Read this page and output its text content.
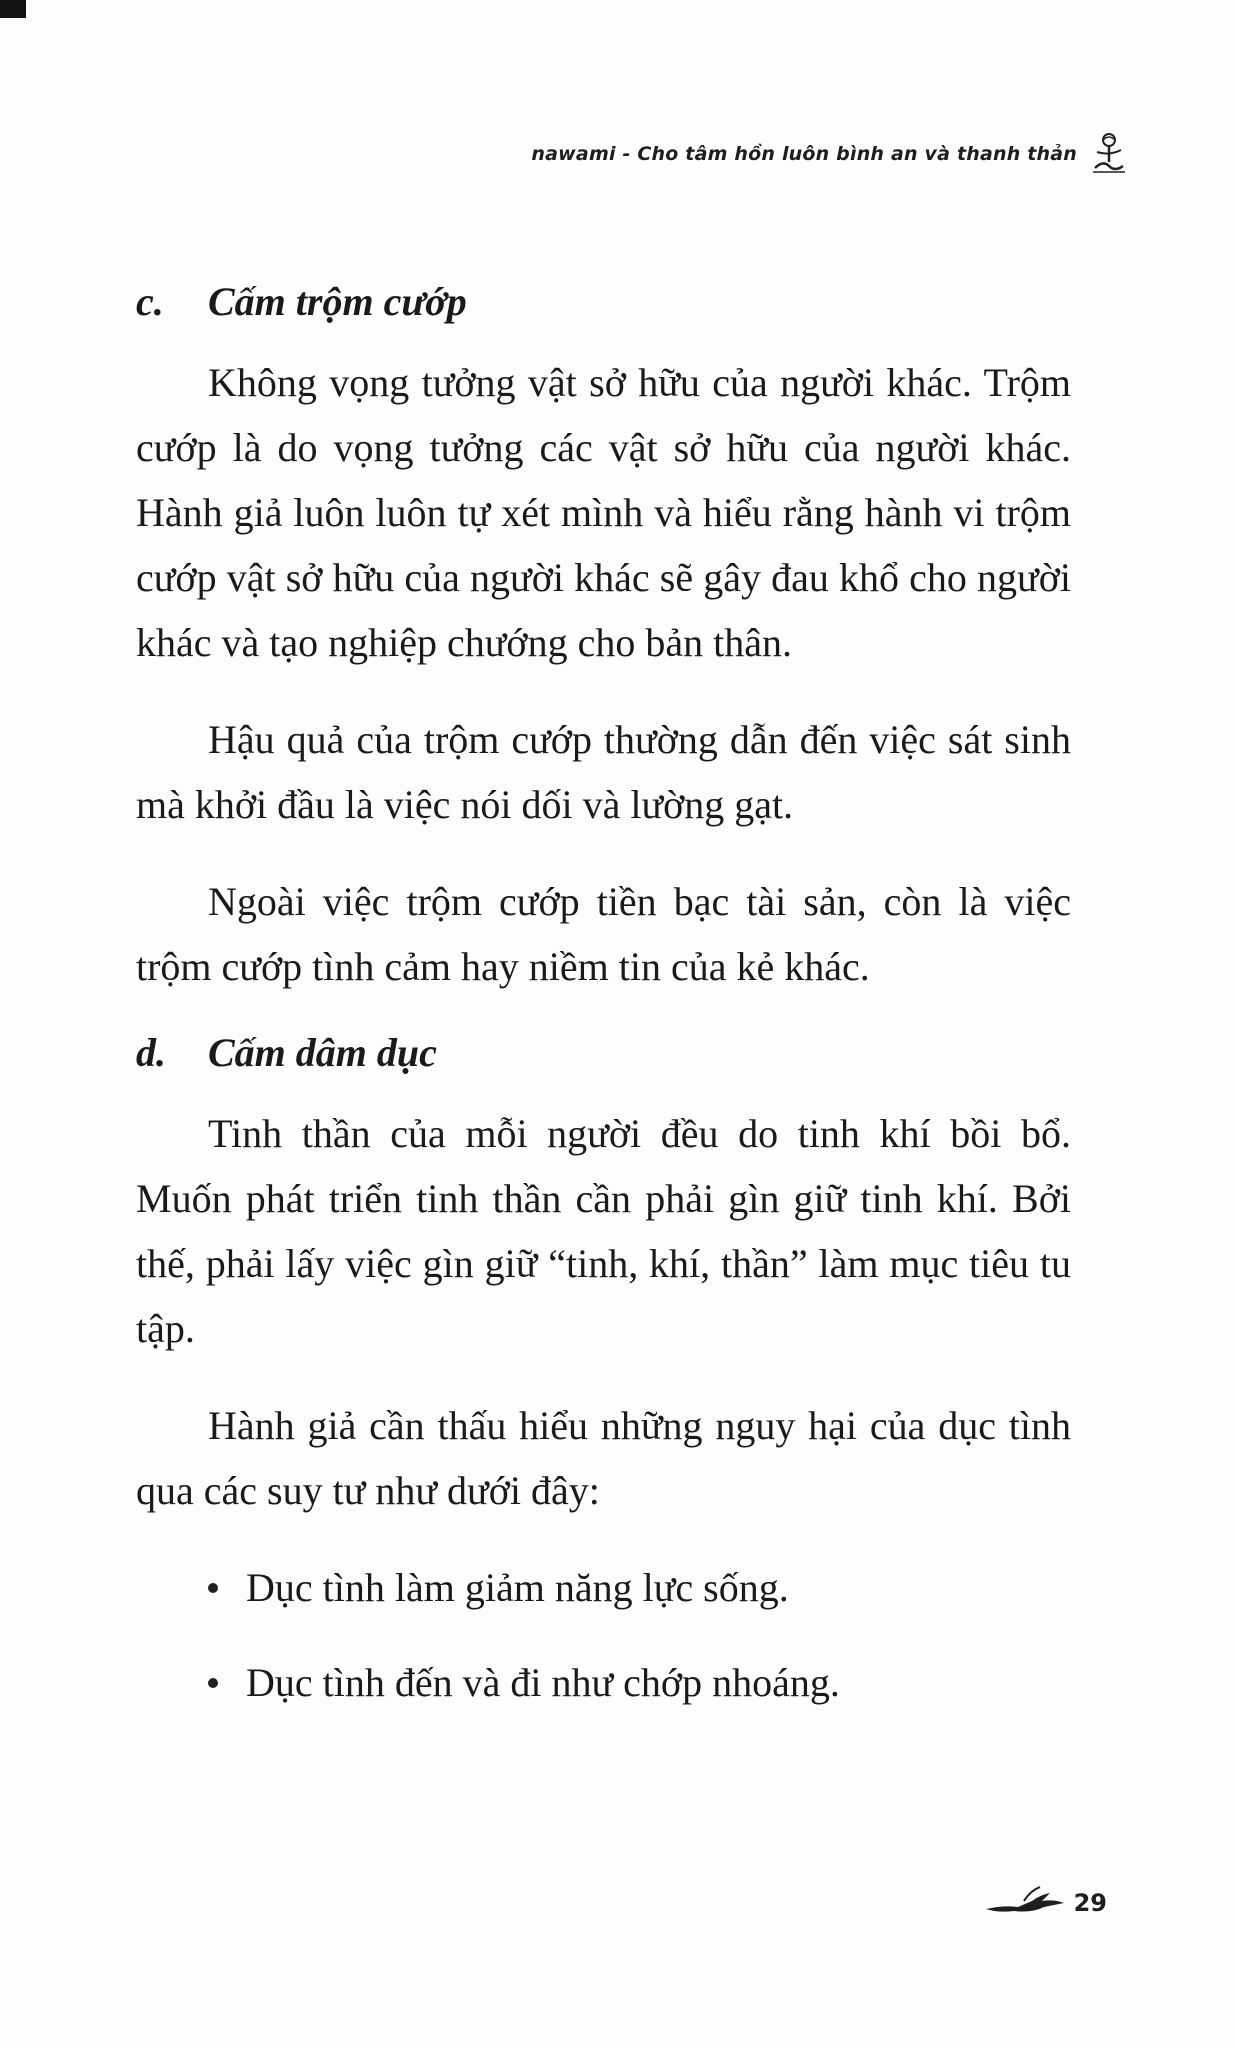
nawami - Cho tâm hồn luôn bình an và thanh thản
c.	Cấm trộm cướp

Không vọng tưởng vật sở hữu của người khác. Trộm cướp là do vọng tưởng các vật sở hữu của người khác. Hành giả luôn luôn tự xét mình và hiểu rằng hành vi trộm cướp vật sở hữu của người khác sẽ gây đau khổ cho người khác và tạo nghiệp chướng cho bản thân.

Hậu quả của trộm cướp thường dẫn đến việc sát sinh mà khởi đầu là việc nói dối và lường gạt.

Ngoài việc trộm cướp tiền bạc tài sản, còn là việc trộm cướp tình cảm hay niềm tin của kẻ khác.

d.	Cấm dâm dục

Tinh thần của mỗi người đều do tinh khí bồi bổ. Muốn phát triển tinh thần cần phải gìn giữ tinh khí. Bởi thế, phải lấy việc gìn giữ “tinh, khí, thần” làm mục tiêu tu tập.

Hành giả cần thấu hiểu những nguy hại của dục tình qua các suy tư như dưới đây:

Dục tình làm giảm năng lực sống.
Dục tình đến và đi như chớp nhoáng.
29
